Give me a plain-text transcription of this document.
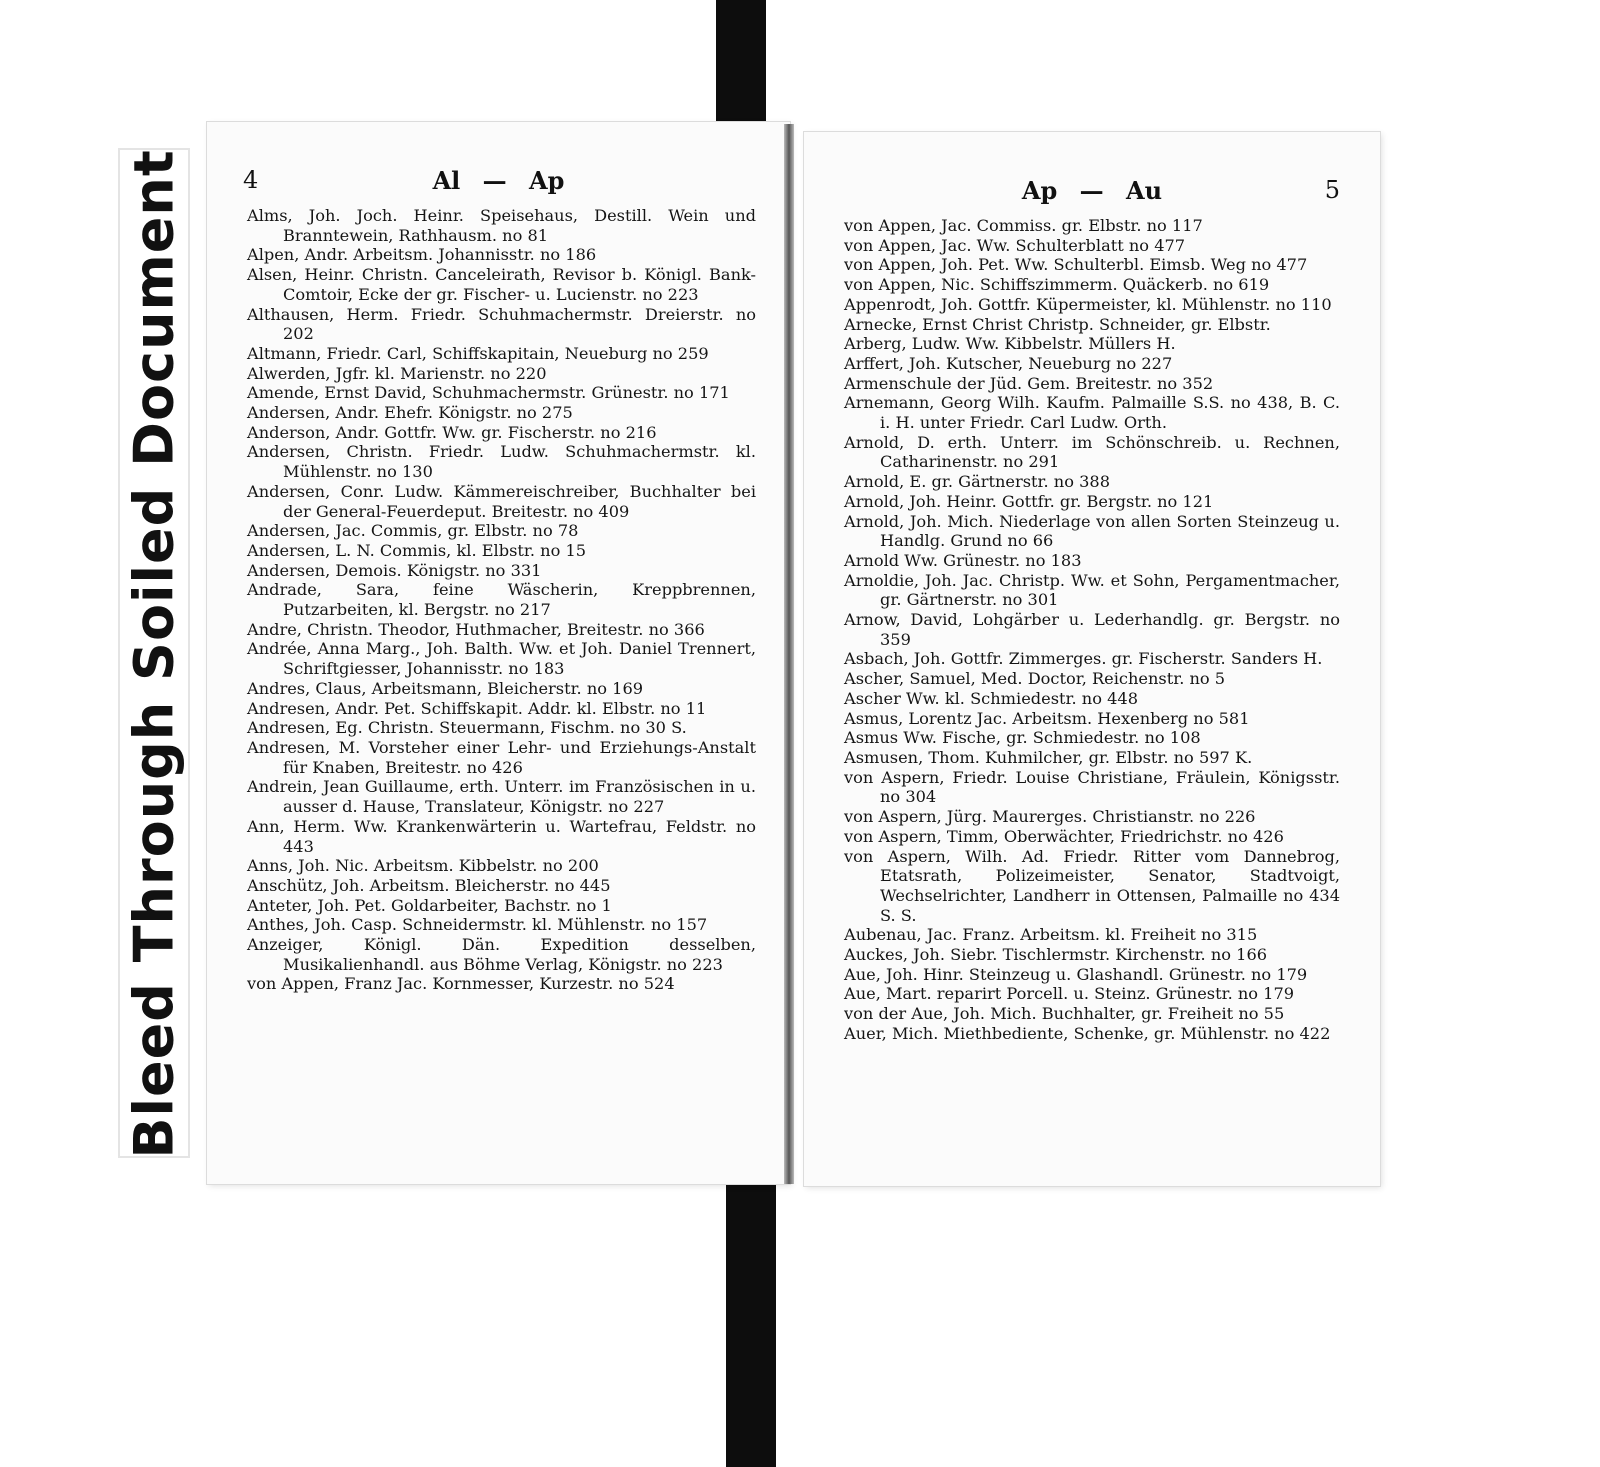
Bleed Through Soiled Document 4	Al — Ap

Alms, Joh. Joch. Heinr. Speisehaus, Destill. Wein und Branntewein, Rathhausm. no 81

Alpen, Andr. Arbeitsm. Johannisstr. no 186

Alsen, Heinr. Christn. Canceleirath, Revisor b. Königl. Bank-Comtoir, Ecke der gr. Fischer- u. Lucienstr. no 223

Althausen, Herm. Friedr. Schuhmachermstr. Dreierstr. no 202

Altmann, Friedr. Carl, Schiffskapitain, Neueburg no 259

Alwerden, Jgfr. kl. Marienstr. no 220

Amende, Ernst David, Schuhmachermstr. Grünestr. no 171

Andersen, Andr. Ehefr. Königstr. no 275

Anderson, Andr. Gottfr. Ww. gr. Fischerstr. no 216

Andersen, Christn. Friedr. Ludw. Schuhmachermstr. kl. Mühlenstr. no 130

Andersen, Conr. Ludw. Kämmereischreiber, Buchhalter bei der General-Feuerdeput. Breitestr. no 409

Andersen, Jac. Commis, gr. Elbstr. no 78

Andersen, L. N. Commis, kl. Elbstr. no 15

Andersen, Demois. Königstr. no 331

Andrade, Sara, feine Wäscherin, Kreppbrennen, Putzarbeiten, kl. Bergstr. no 217

Andre, Christn. Theodor, Huthmacher, Breitestr. no 366

Andrée, Anna Marg., Joh. Balth. Ww. et Joh. Daniel Trennert, Schriftgiesser, Johannisstr. no 183

Andres, Claus, Arbeitsmann, Bleicherstr. no 169

Andresen, Andr. Pet. Schiffskapit. Addr. kl. Elbstr. no 11

Andresen, Eg. Christn. Steuermann, Fischm. no 30 S.

Andresen, M. Vorsteher einer Lehr- und Erziehungs-Anstalt für Knaben, Breitestr. no 426

Andrein, Jean Guillaume, erth. Unterr. im Französischen in u. ausser d. Hause, Translateur, Königstr. no 227

Ann, Herm. Ww. Krankenwärterin u. Wartefrau, Feldstr. no 443

Anns, Joh. Nic. Arbeitsm. Kibbelstr. no 200

Anschütz, Joh. Arbeitsm. Bleicherstr. no 445

Anteter, Joh. Pet. Goldarbeiter, Bachstr. no 1

Anthes, Joh. Casp. Schneidermstr. kl. Mühlenstr. no 157

Anzeiger, Königl. Dän. Expedition desselben, Musikalienhandl. aus Böhme Verlag, Königstr. no 223

von Appen, Franz Jac. Kornmesser, Kurzestr. no 524

Ap — Au	5

von Appen, Jac. Commiss. gr. Elbstr. no 117

von Appen, Jac. Ww. Schulterblatt no 477

von Appen, Joh. Pet. Ww. Schulterbl. Eimsb. Weg no 477

von Appen, Nic. Schiffszimmerm. Quäckerb. no 619

Appenrodt, Joh. Gottfr. Küpermeister, kl. Mühlenstr. no 110

Arnecke, Ernst Christ Christp. Schneider, gr. Elbstr.

Arberg, Ludw. Ww. Kibbelstr. Müllers H.

Arffert, Joh. Kutscher, Neueburg no 227

Armenschule der Jüd. Gem. Breitestr. no 352

Arnemann, Georg Wilh. Kaufm. Palmaille S.S. no 438, B. C. i. H. unter Friedr. Carl Ludw. Orth.

Arnold, D. erth. Unterr. im Schönschreib. u. Rechnen, Catharinenstr. no 291

Arnold, E. gr. Gärtnerstr. no 388

Arnold, Joh. Heinr. Gottfr. gr. Bergstr. no 121

Arnold, Joh. Mich. Niederlage von allen Sorten Steinzeug u. Handlg. Grund no 66

Arnold Ww. Grünestr. no 183

Arnoldie, Joh. Jac. Christp. Ww. et Sohn, Pergamentmacher, gr. Gärtnerstr. no 301

Arnow, David, Lohgärber u. Lederhandlg. gr. Bergstr. no 359

Asbach, Joh. Gottfr. Zimmerges. gr. Fischerstr. Sanders H.

Ascher, Samuel, Med. Doctor, Reichenstr. no 5

Ascher Ww. kl. Schmiedestr. no 448

Asmus, Lorentz Jac. Arbeitsm. Hexenberg no 581

Asmus Ww. Fische, gr. Schmiedestr. no 108

Asmusen, Thom. Kuhmilcher, gr. Elbstr. no 597 K.

von Aspern, Friedr. Louise Christiane, Fräulein, Königsstr. no 304

von Aspern, Jürg. Maurerges. Christianstr. no 226

von Aspern, Timm, Oberwächter, Friedrichstr. no 426

von Aspern, Wilh. Ad. Friedr. Ritter vom Dannebrog, Etatsrath, Polizeimeister, Senator, Stadtvoigt, Wechselrichter, Landherr in Ottensen, Palmaille no 434 S. S.

Aubenau, Jac. Franz. Arbeitsm. kl. Freiheit no 315

Auckes, Joh. Siebr. Tischlermstr. Kirchenstr. no 166

Aue, Joh. Hinr. Steinzeug u. Glashandl. Grünestr. no 179

Aue, Mart. reparirt Porcell. u. Steinz. Grünestr. no 179

von der Aue, Joh. Mich. Buchhalter, gr. Freiheit no 55

Auer, Mich. Miethbediente, Schenke, gr. Mühlenstr. no 422
